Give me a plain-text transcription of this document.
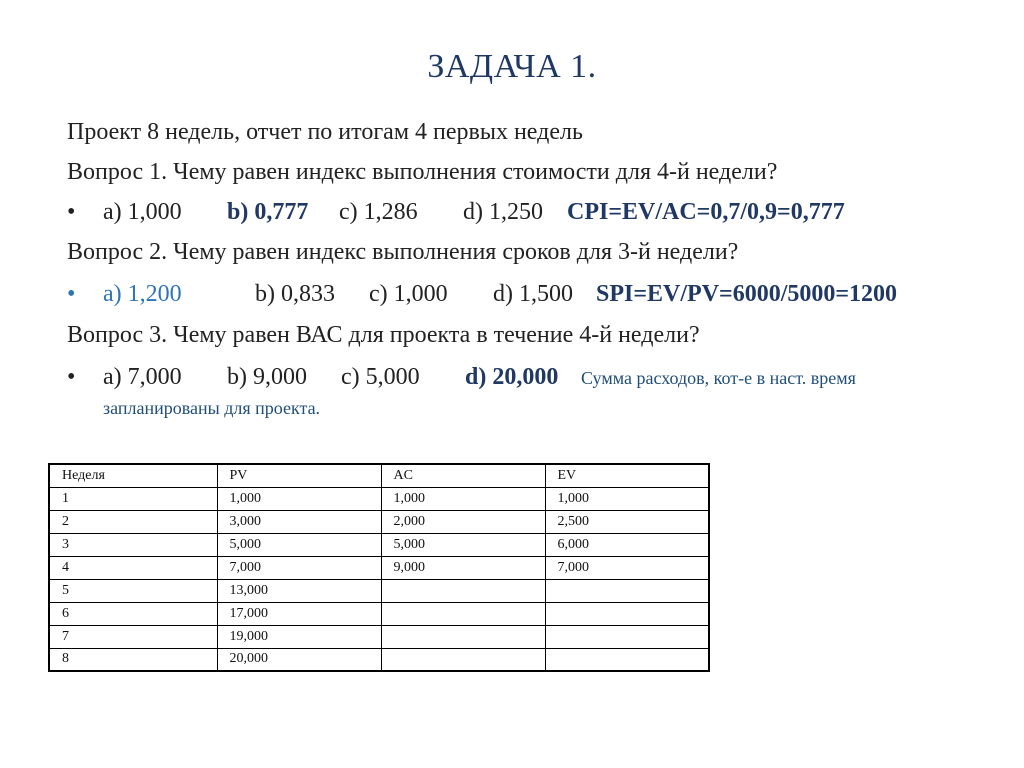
ЗАДАЧА 1.
Проект 8 недель, отчет по итогам 4 первых недель
Вопрос 1. Чему равен индекс выполнения стоимости для 4-й недели?
• а) 1,000 b) 0,777 с) 1,286 d) 1,250 CPI=EV/AC=0,7/0,9=0,777
Вопрос 2. Чему равен индекс выполнения сроков для 3-й недели?
• a) 1,200	b) 0,833 с) 1,000 d) 1,500 SPI=EV/PV=6000/5000=1200
Вопрос 3. Чему равен ВАС для проекта в течение 4-й недели?
• a) 7,000 b) 9,000 с) 5,000 d) 20,000 Сумма расходов, кот-е в наст. время
запланированы для проекта.
Неделя	PV	AC	EV
1	1,000	1,000	1,000
2	3,000	2,000	2,500
3	5,000	5,000	6,000
4	7,000	9,000	7,000
5	13,000		
6	17,000		
7	19,000		
8	20,000		
